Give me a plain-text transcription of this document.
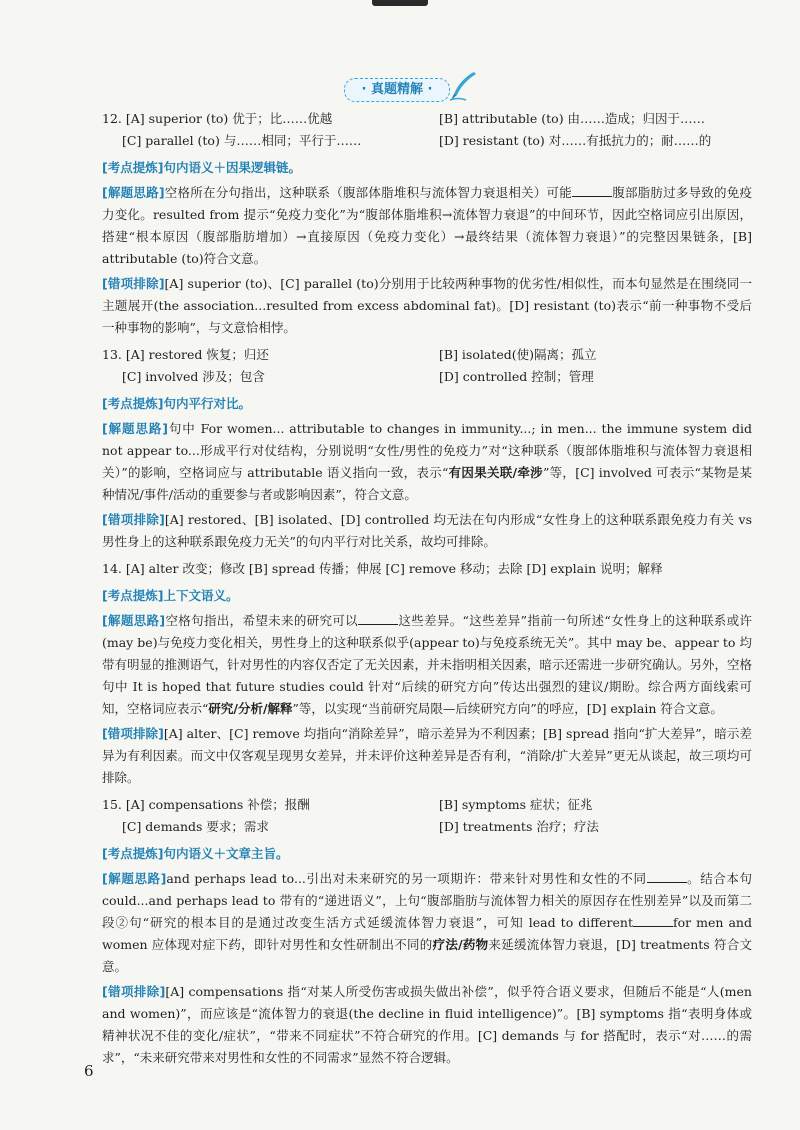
· 真题精解 ·
12. [A] superior (to) 优于；比……优越	[B] attributable (to) 由……造成；归因于……
[C] parallel (to) 与……相同；平行于……	[D] resistant (to) 对……有抵抗力的；耐……的
[考点提炼]句内语义＋因果逻辑链。
[解题思路]空格所在分句指出，这种联系（腹部体脂堆积与流体智力衰退相关）可能	腹部脂肪过多导致的免疫力变化。resulted from 提示“免疫力变化”为“腹部体脂堆积→流体智力衰退”的中间环节，因此空格词应引出原因，搭建“根本原因（腹部脂肪增加）→直接原因（免疫力变化）→最终结果（流体智力衰退）”的完整因果链条，[B] attributable (to)符合文意。
[错项排除][A] superior (to)、[C] parallel (to)分别用于比较两种事物的优劣性/相似性，而本句显然是在围绕同一主题展开(the association...resulted from excess abdominal fat)。[D] resistant (to)表示“前一种事物不受后一种事物的影响”，与文意恰相悖。
13. [A] restored 恢复；归还	[B] isolated(使)隔离；孤立
[C] involved 涉及；包含	[D] controlled 控制；管理
[考点提炼]句内平行对比。
[解题思路]句中 For women... attributable to changes in immunity...; in men... the immune system did not appear to...形成平行对仗结构，分别说明“女性/男性的免疫力”对“这种联系（腹部体脂堆积与流体智力衰退相关）”的影响，空格词应与 attributable 语义指向一致，表示“有因果关联/牵涉”等，[C] involved 可表示“某物是某种情况/事件/活动的重要参与者或影响因素”，符合文意。
[错项排除][A] restored、[B] isolated、[D] controlled 均无法在句内形成“女性身上的这种联系跟免疫力有关 vs 男性身上的这种联系跟免疫力无关”的句内平行对比关系，故均可排除。
14. [A] alter 改变；修改 [B] spread 传播；伸展 [C] remove 移动；去除 [D] explain 说明；解释
[考点提炼]上下文语义。
[解题思路]空格句指出，希望未来的研究可以	这些差异。“这些差异”指前一句所述“女性身上的这种联系或许(may be)与免疫力变化相关，男性身上的这种联系似乎(appear to)与免疫系统无关”。其中 may be、appear to 均带有明显的推测语气，针对男性的内容仅否定了无关因素，并未指明相关因素，暗示还需进一步研究确认。另外，空格句中 It is hoped that future studies could 针对“后续的研究方向”传达出强烈的建议/期盼。综合两方面线索可知，空格词应表示“研究/分析/解释”等，以实现“当前研究局限—后续研究方向”的呼应，[D] explain 符合文意。
[错项排除][A] alter、[C] remove 均指向“消除差异”，暗示差异为不利因素；[B] spread 指向“扩大差异”，暗示差异为有利因素。而文中仅客观呈现男女差异，并未评价这种差异是否有利，“消除/扩大差异”更无从谈起，故三项均可排除。
15. [A] compensations 补偿；报酬	[B] symptoms 症状；征兆
[C] demands 要求；需求	[D] treatments 治疗；疗法
[考点提炼]句内语义＋文章主旨。
[解题思路]and perhaps lead to...引出对未来研究的另一项期许：带来针对男性和女性的不同	。结合本句 could...and perhaps lead to 带有的“递进语义”，上句“腹部脂肪与流体智力相关的原因存在性别差异”以及而第二段②句“研究的根本目的是通过改变生活方式延缓流体智力衰退”，可知 lead to different	for men and women 应体现对症下药，即针对男性和女性研制出不同的疗法/药物来延缓流体智力衰退，[D] treatments 符合文意。
[错项排除][A] compensations 指“对某人所受伤害或损失做出补偿”，似乎符合语义要求，但随后不能是“人(men and women)”，而应该是“流体智力的衰退(the decline in fluid intelligence)”。[B] symptoms 指“表明身体或精神状况不佳的变化/症状”，“带来不同症状”不符合研究的作用。[C] demands 与 for 搭配时，表示“对……的需求”，“未来研究带来对男性和女性的不同需求”显然不符合逻辑。
6
